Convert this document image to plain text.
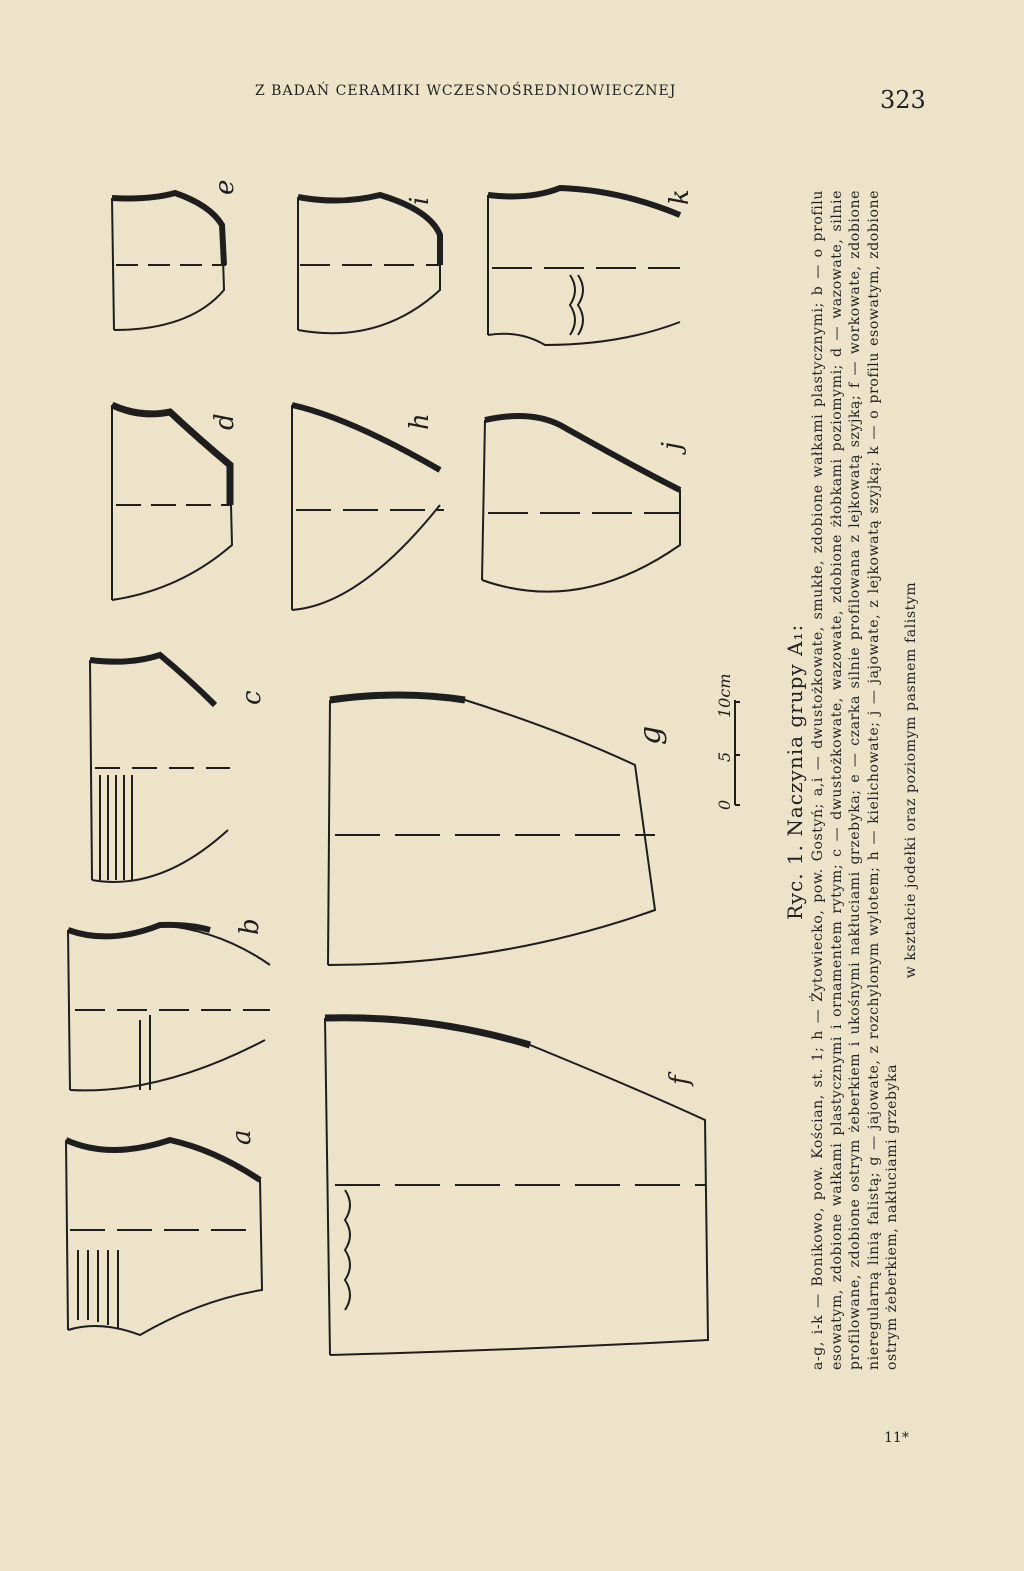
Z BADAŃ CERAMIKI WCZESNOŚREDNIOWIECZNEJ	323
a
b
c
d
e
f
g
h
i
j
k
0
5
10cm Ryc. 1. Naczynia grupy A₁: a-g, i-k — Bonikowo, pow. Kościan, st. 1; h — Żytowiecko, pow. Gostyń; a,i — dwustożkowate, smukłe, zdobione wałkami plastycznymi; b — o profilu esowatym, zdobione wałkami plastycznymi i ornamentem rytym; c — dwustożkowate, wazowate, zdobione żłobkami poziomymi; d — wazowate, silnie profilowane, zdobione ostrym żeberkiem i ukośnymi nakłuciami grzebyka; e — czarka silnie profilowana z lejkowatą szyjką; f — workowate, zdobione nieregularną linią falistą; g — jajowate, z rozchylonym wylotem; h — kielichowate; j — jajowate, z lejkowatą szyjką; k — o profilu esowatym, zdobione ostrym żeberkiem, nakłuciami grzebyka
w kształcie jodełki oraz poziomym pasmem falistym
11*
